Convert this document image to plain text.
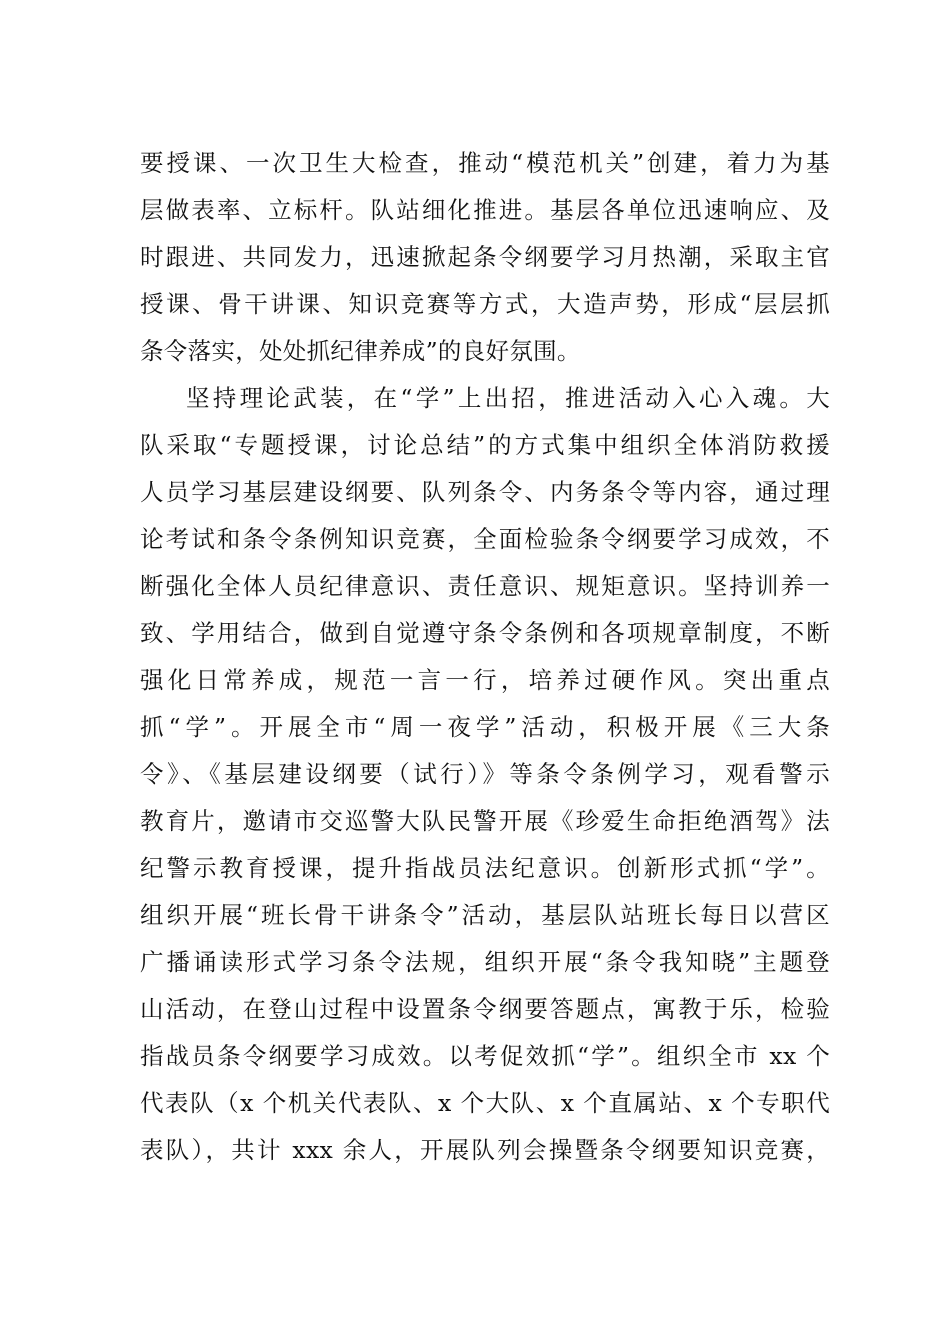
要授课、一次卫生大检查，推动“模范机关”创建，着力为基
层做表率、立标杆。队站细化推进。基层各单位迅速响应、及
时跟进、共同发力，迅速掀起条令纲要学习月热潮，采取主官
授课、骨干讲课、知识竞赛等方式，大造声势，形成“层层抓
条令落实，处处抓纪律养成”的良好氛围。
坚持理论武装，在“学”上出招，推进活动入心入魂。大
队采取“专题授课，讨论总结”的方式集中组织全体消防救援
人员学习基层建设纲要、队列条令、内务条令等内容，通过理
论考试和条令条例知识竞赛，全面检验条令纲要学习成效，不
断强化全体人员纪律意识、责任意识、规矩意识。坚持训养一
致、学用结合，做到自觉遵守条令条例和各项规章制度，不断
强化日常养成，规范一言一行，培养过硬作风。突出重点
抓“学”。开展全市“周一夜学”活动，积极开展《三大条
令》、《基层建设纲要（试行）》等条令条例学习，观看警示
教育片，邀请市交巡警大队民警开展《珍爱生命拒绝酒驾》法
纪警示教育授课，提升指战员法纪意识。创新形式抓“学”。
组织开展“班长骨干讲条令”活动，基层队站班长每日以营区
广播诵读形式学习条令法规，组织开展“条令我知晓”主题登
山活动，在登山过程中设置条令纲要答题点，寓教于乐，检验
指战员条令纲要学习成效。以考促效抓“学”。组织全市 xx 个
代表队（x 个机关代表队、x 个大队、x 个直属站、x 个专职代
表队），共计 xxx 余人，开展队列会操暨条令纲要知识竞赛，
